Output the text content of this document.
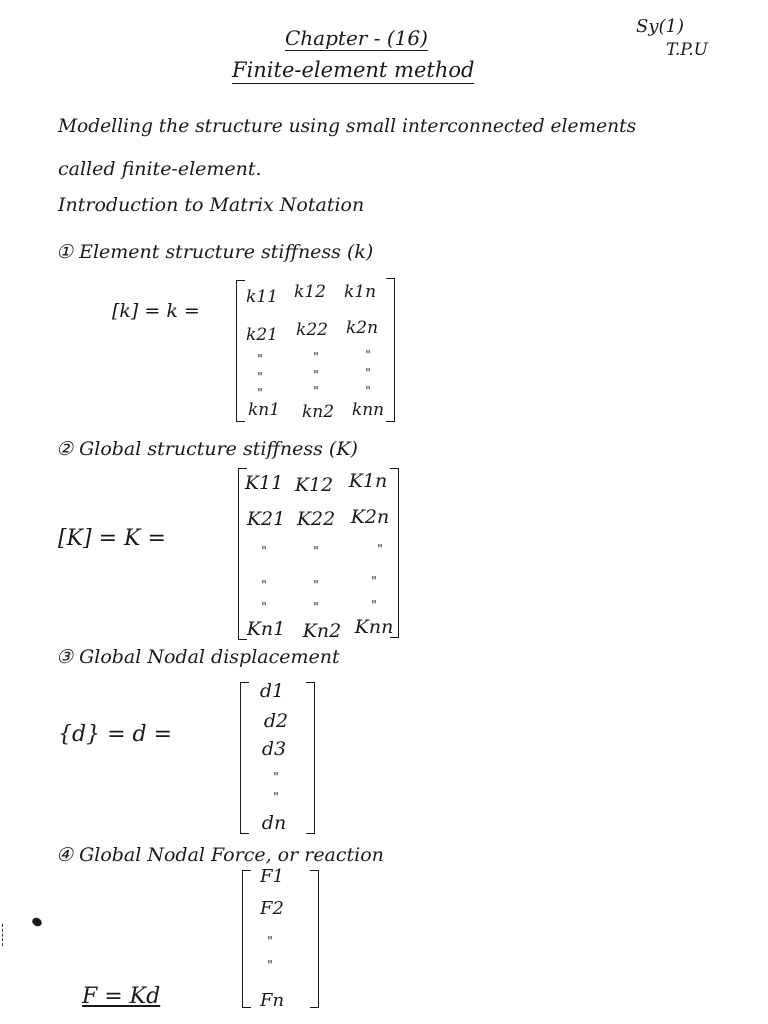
Chapter - (16)
Finite-element method
Sy(1)
T.P.U
Modelling the structure using small interconnected elements
called finite-element.
Introduction to Matrix Notation
① Element structure stiffness (k)
[k] = k =
k11 k12 k1n
k21 k22 k2n
"	"	"
"	"	"
"	"	"
kn1 kn2 knn
② Global structure stiffness (K)
[K] = K =
K11 K12 K1n
K21 K22 K2n
"	"	"
"	"	"
"	"	"
Kn1 Kn2 Knn
③ Global Nodal displacement
{d} = d =
d1
d2
d3
"
"
dn
④ Global Nodal Force, or reaction
F1
F2
"
"
Fn
F = Kd
